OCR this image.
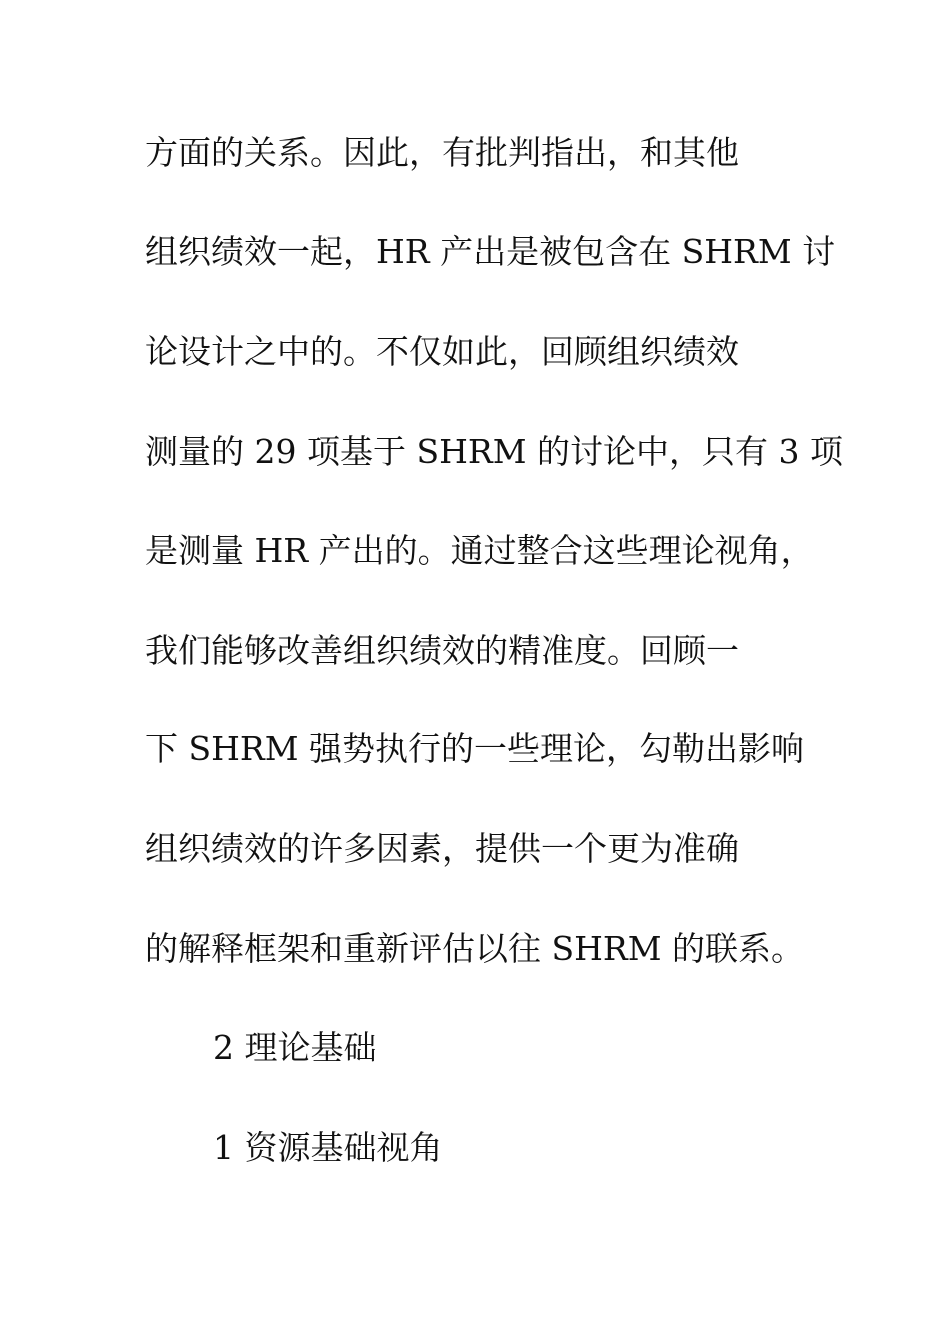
方面的关系。因此，有批判指出，和其他
组织绩效一起，HR 产出是被包含在 SHRM 讨
论设计之中的。不仅如此，回顾组织绩效
测量的 29 项基于 SHRM 的讨论中，只有 3 项
是测量 HR 产出的。通过整合这些理论视角，
我们能够改善组织绩效的精准度。回顾一
下 SHRM 强势执行的一些理论，勾勒出影响
组织绩效的许多因素，提供一个更为准确
的解释框架和重新评估以往 SHRM 的联系。
2 理论基础
1 资源基础视角
